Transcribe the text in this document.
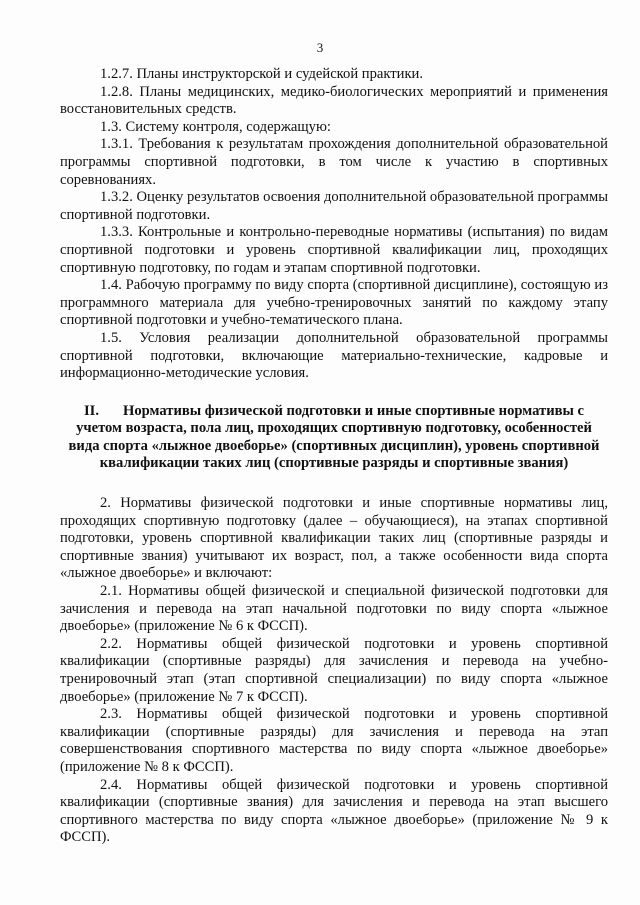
3

1.2.7. Планы инструкторской и судейской практики.

1.2.8. Планы медицинских, медико-биологических мероприятий и применения восстановительных средств.

1.3. Систему контроля, содержащую:

1.3.1. Требования к результатам прохождения дополнительной образовательной программы спортивной подготовки, в том числе к участию в спортивных соревнованиях.

1.3.2. Оценку результатов освоения дополнительной образовательной программы спортивной подготовки.

1.3.3. Контрольные и контрольно-переводные нормативы (испытания) по видам спортивной подготовки и уровень спортивной квалификации лиц, проходящих спортивную подготовку, по годам и этапам спортивной подготовки.

1.4. Рабочую программу по виду спорта (спортивной дисциплине), состоящую из программного материала для учебно-тренировочных занятий по каждому этапу спортивной подготовки и учебно-тематического плана.

1.5. Условия реализации дополнительной образовательной программы спортивной подготовки, включающие материально-технические, кадровые и информационно-методические условия.

II. Нормативы физической подготовки и иные спортивные нормативы с учетом возраста, пола лиц, проходящих спортивную подготовку, особенностей вида спорта «лыжное двоеборье» (спортивных дисциплин), уровень спортивной квалификации таких лиц (спортивные разряды и спортивные звания)

2. Нормативы физической подготовки и иные спортивные нормативы лиц, проходящих спортивную подготовку (далее – обучающиеся), на этапах спортивной подготовки, уровень спортивной квалификации таких лиц (спортивные разряды и спортивные звания) учитывают их возраст, пол, а также особенности вида спорта «лыжное двоеборье» и включают:

2.1. Нормативы общей физической и специальной физической подготовки для зачисления и перевода на этап начальной подготовки по виду спорта «лыжное двоеборье» (приложение № 6 к ФССП).

2.2. Нормативы общей физической подготовки и уровень спортивной квалификации (спортивные разряды) для зачисления и перевода на учебно-тренировочный этап (этап спортивной специализации) по виду спорта «лыжное двоеборье» (приложение № 7 к ФССП).

2.3. Нормативы общей физической подготовки и уровень спортивной квалификации (спортивные разряды) для зачисления и перевода на этап совершенствования спортивного мастерства по виду спорта «лыжное двоеборье» (приложение № 8 к ФССП).

2.4. Нормативы общей физической подготовки и уровень спортивной квалификации (спортивные звания) для зачисления и перевода на этап высшего спортивного мастерства по виду спорта «лыжное двоеборье» (приложение № 9 к ФССП).
